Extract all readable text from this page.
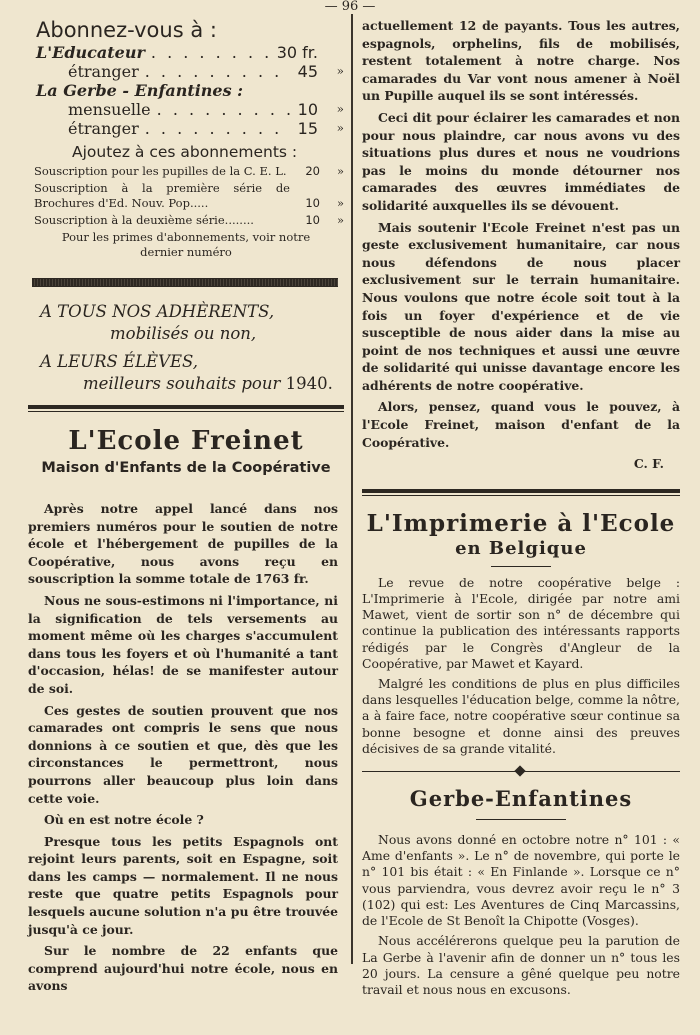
— 96 —
Abonnez-vous à :
L'Educateur . . . . . . . . 30 fr.
étranger . . . . . . . . . 45	»
La Gerbe - Enfantines :
mensuelle . . . . . . . . . 10	»
étranger . . . . . . . . . 15	»
Ajoutez à ces abonnements :
Souscription pour les pupilles de la C. E. L.	20	»
Souscription à la première série de Brochures d'Ed. Nouv. Pop.....	10	»
Souscription à la deuxième série........	10	»
Pour les primes d'abonnements, voir notre dernier numéro
A TOUS NOS ADHÈRENTS,
mobilisés ou non,
A LEURS ÉLÈVES,
meilleurs souhaits pour 1940.
L'Ecole Freinet
Maison d'Enfants de la Coopérative

Après notre appel lancé dans nos premiers numéros pour le soutien de notre école et l'hébergement de pupilles de la Coopérative, nous avons reçu en souscription la somme totale de 1763 fr.

Nous ne sous-estimons ni l'importance, ni la signification de tels versements au moment même où les charges s'accumulent dans tous les foyers et où l'humanité a tant d'occasion, hélas! de se manifester autour de soi.

Ces gestes de soutien prouvent que nos camarades ont compris le sens que nous donnions à ce soutien et que, dès que les circonstances le permettront, nous pourrons aller beaucoup plus loin dans cette voie.

Où en est notre école ?

Presque tous les petits Espagnols ont rejoint leurs parents, soit en Espagne, soit dans les camps — normalement. Il ne nous reste que quatre petits Espagnols pour lesquels aucune solution n'a pu être trouvée jusqu'à ce jour.

Sur le nombre de 22 enfants que comprend aujourd'hui notre école, nous en avons

actuellement 12 de payants. Tous les autres, espagnols, orphelins, fils de mobilisés, restent totalement à notre charge. Nos camarades du Var vont nous amener à Noël un Pupille auquel ils se sont intéressés.

Ceci dit pour éclairer les camarades et non pour nous plaindre, car nous avons vu des situations plus dures et nous ne voudrions pas le moins du monde détourner nos camarades des œuvres immédiates de solidarité auxquelles ils se dévouent.

Mais soutenir l'Ecole Freinet n'est pas un geste exclusivement humanitaire, car nous nous défendons de nous placer exclusivement sur le terrain humanitaire. Nous voulons que notre école soit tout à la fois un foyer d'expérience et de vie susceptible de nous aider dans la mise au point de nos techniques et aussi une œuvre de solidarité qui unisse davantage encore les adhérents de notre coopérative.

Alors, pensez, quand vous le pouvez, à l'Ecole Freinet, maison d'enfant de la Coopérative.

C. F.
L'Imprimerie à l'Ecole
en Belgique

Le revue de notre coopérative belge : L'Imprimerie à l'Ecole, dirigée par notre ami Mawet, vient de sortir son n° de décembre qui continue la publication des intéressants rapports rédigés par le Congrès d'Angleur de la Coopérative, par Mawet et Kayard.

Malgré les conditions de plus en plus difficiles dans lesquelles l'éducation belge, comme la nôtre, a à faire face, notre coopérative sœur continue sa bonne besogne et donne ainsi des preuves décisives de sa grande vitalité.

Gerbe-Enfantines

Nous avons donné en octobre notre n° 101 : « Ame d'enfants ». Le n° de novembre, qui porte le n° 101 bis était : « En Finlande ». Lorsque ce n° vous parviendra, vous devrez avoir reçu le n° 3 (102) qui est: Les Aventures de Cinq Marcassins, de l'Ecole de St Benoît la Chipotte (Vosges).

Nous accélérerons quelque peu la parution de La Gerbe à l'avenir afin de donner un n° tous les 20 jours. La censure a gêné quelque peu notre travail et nous nous en excusons.
